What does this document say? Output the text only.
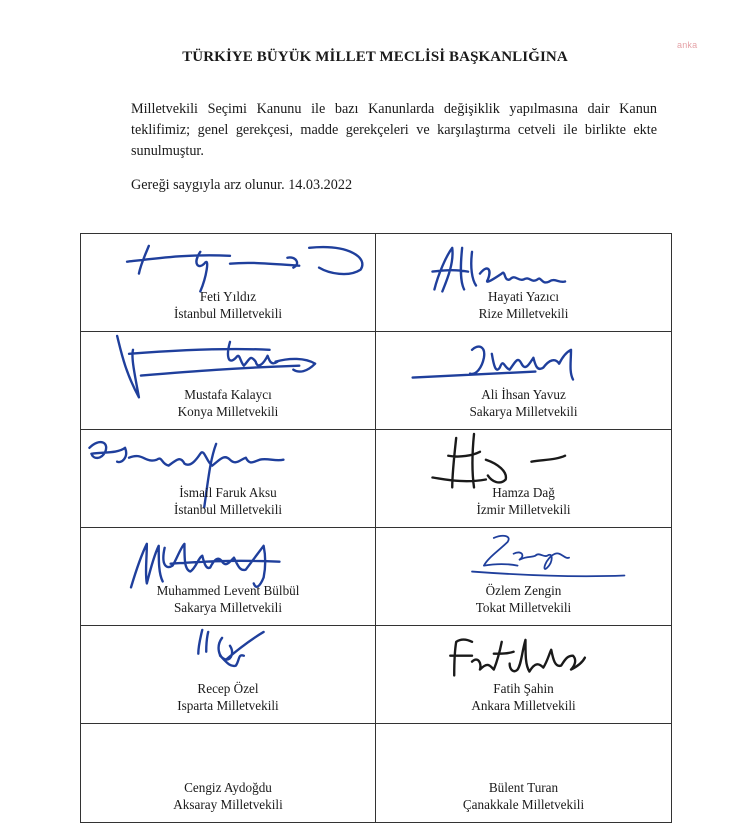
anka
TÜRKİYE BÜYÜK MİLLET MECLİSİ BAŞKANLIĞINA
Milletvekili Seçimi Kanunu ile bazı Kanunlarda değişiklik yapılmasına dair Kanun teklifimiz; genel gerekçesi, madde gerekçeleri ve karşılaştırma cetveli ile birlikte ekte sunulmuştur.
Gereği saygıyla arz olunur. 14.03.2022
Feti Yıldız
İstanbul Milletvekili
Hayati Yazıcı
Rize Milletvekili
Mustafa Kalaycı
Konya Milletvekili
Ali İhsan Yavuz
Sakarya Milletvekili
İsmail Faruk Aksu
İstanbul Milletvekili
Hamza Dağ
İzmir Milletvekili
Muhammed Levent Bülbül
Sakarya Milletvekili
Özlem Zengin
Tokat Milletvekili
Recep Özel
Isparta Milletvekili
Fatih Şahin
Ankara Milletvekili
Cengiz Aydoğdu
Aksaray Milletvekili
Bülent Turan
Çanakkale Milletvekili
